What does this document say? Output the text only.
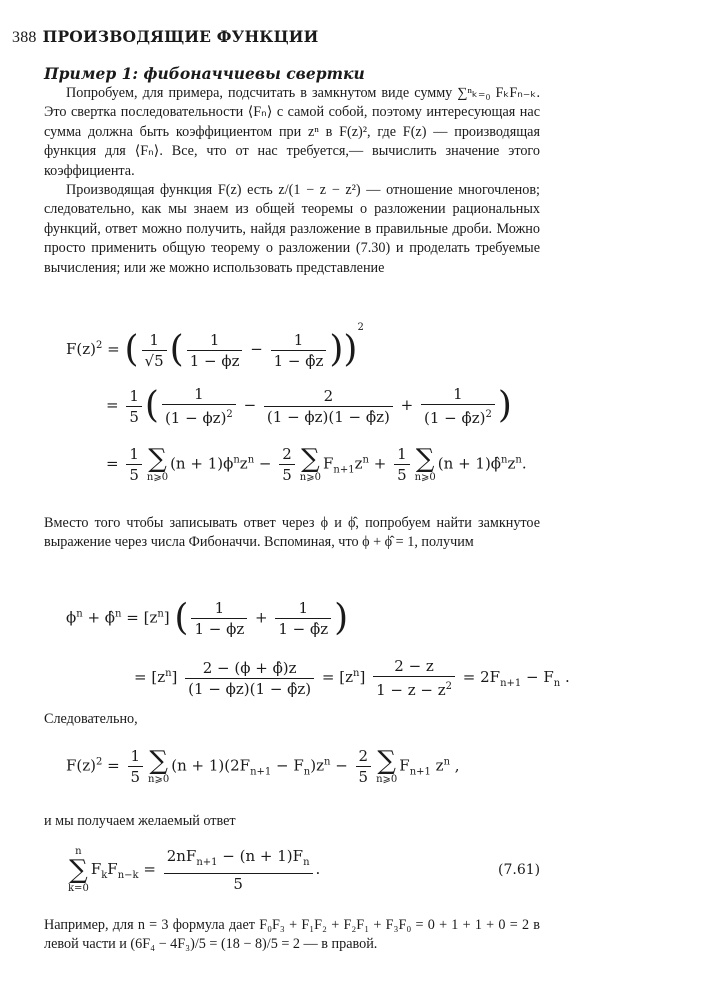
388 ПРОИЗВОДЯЩИЕ ФУНКЦИИ
Пример 1: фибоначчиевы свертки

Попробуем, для примера, подсчитать в замкнутом виде сумму ∑ⁿₖ₌₀ FₖFₙ₋ₖ. Это свертка последовательности ⟨Fₙ⟩ с самой собой, поэтому интересующая нас сумма должна быть коэффициентом при zⁿ в F(z)², где F(z) — производящая функция для ⟨Fₙ⟩. Все, что от нас требуется,— вычислить значение этого коэффициента.

Производящая функция F(z) есть z/(1 − z − z²) — отношение многочленов; следовательно, как мы знаем из общей теоремы о разложении рациональных функций, ответ можно получить, найдя разложение в правильные дроби. Можно просто применить общую теорему о разложении (7.30) и проделать требуемые вычисления; или же можно использовать представление

$F(z)^2$ = ( $\frac{1}{√5}$ ( $\frac{1}{1 - \phi z} - \frac{1}{1 - \phîz} ))^2$
= $\frac{1}{5}$ ( $\frac{1}{(1 - \phi z)^2} - \frac{2}{(1 - \phi z)(1 - \phîz)} + \frac{1}{(1 - \phîz)^2}$ )
= $\frac{1}{5}$ ∑
n⩾0
$(n + 1)\phi^nz^n - \frac{2}{5}$ ∑
n⩾0
$F_{n+1}z^n + \frac{1}{5}$ ∑
n⩾0
$(n + 1)\phî^nz^n$.

Вместо того чтобы записывать ответ через ϕ и ϕ̂, попробуем найти замкнутое выражение через числа Фибоначчи. Вспоминая, что ϕ + ϕ̂ = 1, получим

$\phi^n$ + ϕ̂$^n$ = $[z^n]$ ( $\frac{1}{1 - \phi z} + \frac{1}{1 - \phîz}$ )
= $[z^n] \frac{2 - (\phi + \phî)z}{(1 - \phi z)(1 - \phîz)} = [z^n] \frac{2 - z}{1 - z - z^2} = 2F_{n+1} - F_n$ .

Следовательно,

$F(z)^2 = \frac{1}{5}$ ∑
n⩾0
$(n + 1)(2F_{n+1} - F_n)z^n - \frac{2}{5}$ ∑
n⩾0
$F_{n+1}$ $z^n$ ,

и мы получаем желаемый ответ

n
∑
k=0
$F_kF_{n-k} = \frac{2nF_{n+1} - (n + 1)F_n}{5}$ .	(7.61)

Например, для n = 3 формула дает F₀F₃ + F₁F₂ + F₂F₁ + F₃F₀ = 0 + 1 + 1 + 0 = 2 в левой части и (6F₄ − 4F₃)/5 = (18 − 8)/5 = 2 — в правой.
